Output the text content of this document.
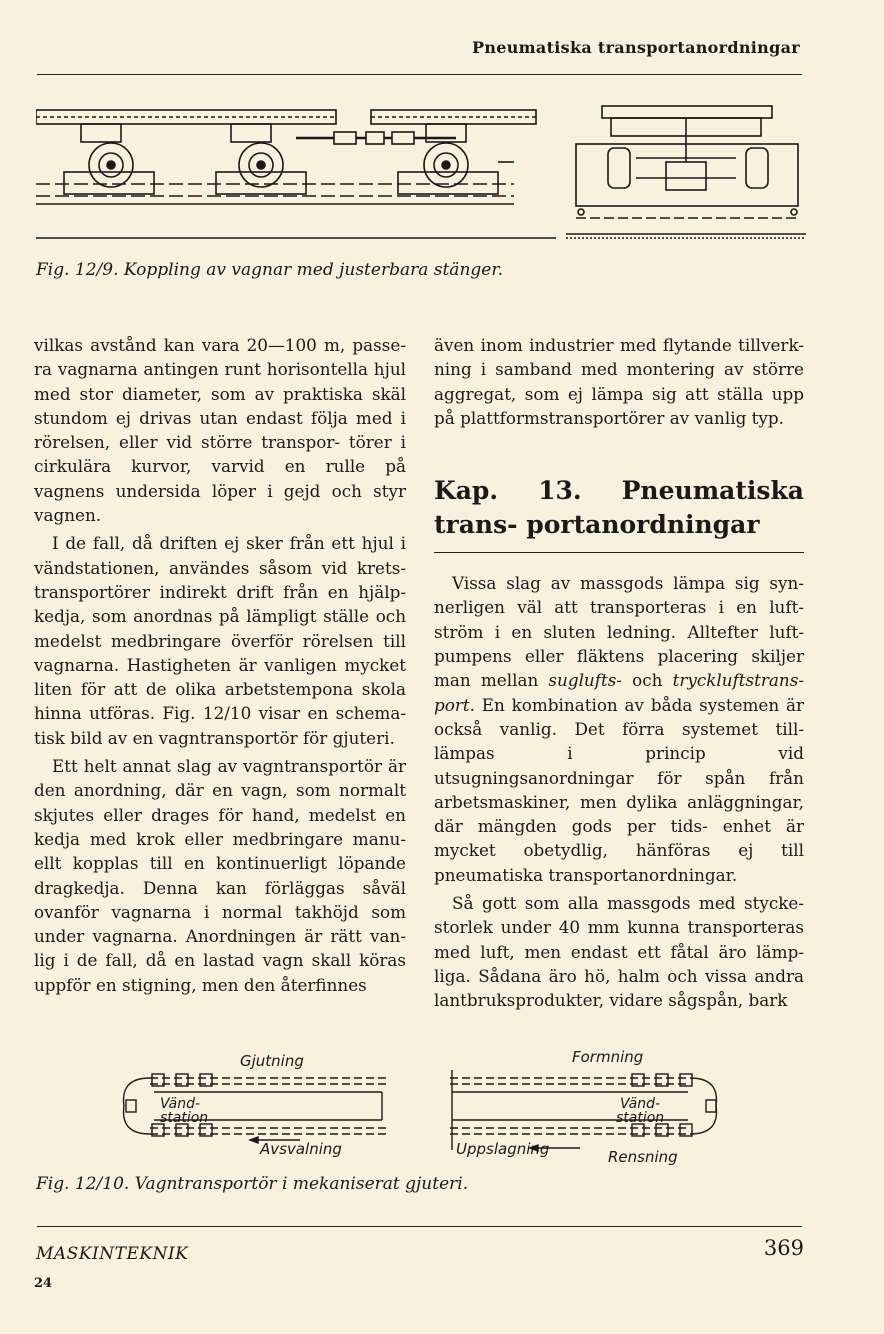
Pneumatiska transportanordningar
Fig. 12/9. Koppling av vagnar med justerbara stänger.

vilkas avstånd kan vara 20—100 m, passe- ra vagnarna antingen runt horisontella hjul med stor diameter, som av praktiska skäl stundom ej drivas utan endast följa med i rörelsen, eller vid större transpor- törer i cirkulära kurvor, varvid en rulle på vagnens undersida löper i gejd och styr vagnen.

I de fall, då driften ej sker från ett hjul i vändstationen, användes såsom vid krets- transportörer indirekt drift från en hjälp- kedja, som anordnas på lämpligt ställe och medelst medbringare överför rörelsen till vagnarna. Hastigheten är vanligen mycket liten för att de olika arbetstempona skola hinna utföras. Fig. 12/10 visar en schema- tisk bild av en vagntransportör för gjuteri.

Ett helt annat slag av vagntransportör är den anordning, där en vagn, som normalt skjutes eller drages för hand, medelst en kedja med krok eller medbringare manu- ellt kopplas till en kontinuerligt löpande dragkedja. Denna kan förläggas såväl ovanför vagnarna i normal takhöjd som under vagnarna. Anordningen är rätt van- lig i de fall, då en lastad vagn skall köras uppför en stigning, men den återfinnes

även inom industrier med flytande tillverk- ning i samband med montering av större aggregat, som ej lämpa sig att ställa upp på plattformstransportörer av vanlig typ.

Kap. 13. Pneumatiska trans- portanordningar

Vissa slag av massgods lämpa sig syn- nerligen väl att transporteras i en luft- ström i en sluten ledning. Alltefter luft- pumpens eller fläktens placering skiljer man mellan suglufts- och tryckluftstrans- port. En kombination av båda systemen är också vanlig. Det förra systemet till- lämpas i princip vid utsugningsanordningar för spån från arbetsmaskiner, men dylika anläggningar, där mängden gods per tids- enhet är mycket obetydlig, hänföras ej till pneumatiska transportanordningar.

Så gott som alla massgods med stycke- storlek under 40 mm kunna transporteras med luft, men endast ett fåtal äro lämp- liga. Sådana äro hö, halm och vissa andra lantbruksprodukter, vidare sågspån, bark

Gjutning
Vänd-
station
Avsvalning
Formning
Vänd-
station
Uppslagning	Rensning
Fig. 12/10. Vagntransportör i mekaniserat gjuteri.
MASKINTEKNIK	369
24
